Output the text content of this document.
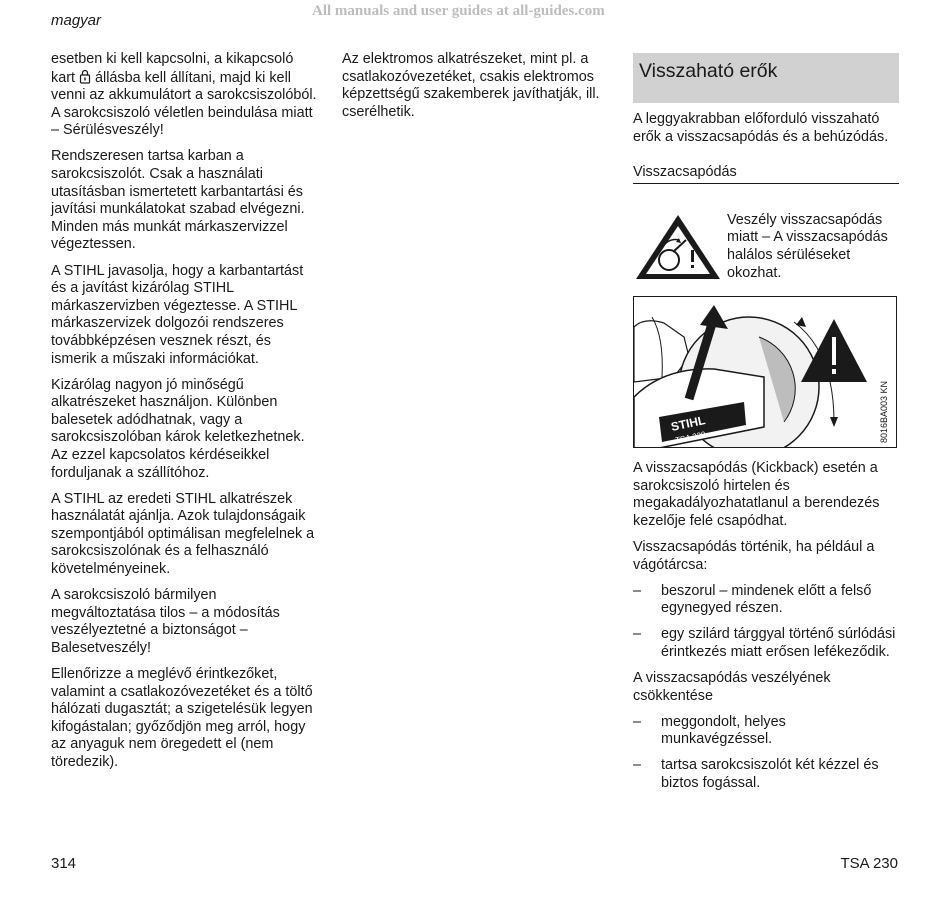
magyar
All manuals and user guides at all-guides.com

esetben ki kell kapcsolni, a kikapcsoló kart állásba kell állítani, majd ki kell venni az akkumulátort a sarokcsiszolóból. A sarokcsiszoló véletlen beindulása miatt – Sérülésveszély!

Rendszeresen tartsa karban a sarokcsiszolót. Csak a használati utasításban ismertetett karbantartási és javítási munkálatokat szabad elvégezni. Minden más munkát márkaszervizzel végeztessen.

A STIHL javasolja, hogy a karbantartást és a javítást kizárólag STIHL márkaszervizben végeztesse. A STIHL márkaszervizek dolgozói rendszeres továbbképzésen vesznek részt, és ismerik a műszaki információkat.

Kizárólag nagyon jó minőségű alkatrészeket használjon. Különben balesetek adódhatnak, vagy a sarokcsiszolóban károk keletkezhetnek. Az ezzel kapcsolatos kérdéseikkel forduljanak a szállítóhoz.

A STIHL az eredeti STIHL alkatrészek használatát ajánlja. Azok tulajdonságaik szempontjából optimálisan megfelelnek a sarokcsiszolónak és a felhasználó követelményeinek.

A sarokcsiszoló bármilyen megváltoztatása tilos – a módosítás veszélyeztetné a biztonságot – Balesetveszély!

Ellenőrizze a meglévő érintkezőket, valamint a csatlakozóvezetéket és a töltő hálózati dugasztát; a szigetelésük legyen kifogástalan; győződjön meg arról, hogy az anyaguk nem öregedett el (nem töredezik).

Az elektromos alkatrészeket, mint pl. a csatlakozóvezetéket, csakis elektromos képzettségű szakemberek javíthatják, ill. cserélhetik.

Visszaható erők

A leggyakrabban előforduló visszaható erők a visszacsapódás és a behúzódás.

Visszacsapódás
Veszély visszacsapódás miatt – A visszacsapódás halálos sérüléseket okozhat.
STIHL
TSA 230	8016BA003 KN

A visszacsapódás (Kickback) esetén a sarokcsiszoló hirtelen és megakadályozhatatlanul a berendezés kezelője felé csapódhat.

Visszacsapódás történik, ha például a vágótárcsa:

–	beszorul – mindenek előtt a felső egynegyed részen.
–	egy szilárd tárggyal történő súrlódási érintkezés miatt erősen lefékeződik.

A visszacsapódás veszélyének csökkentése

–	meggondolt, helyes munkavégzéssel.
–	tartsa sarokcsiszolót két kézzel és biztos fogással.
314	TSA 230
